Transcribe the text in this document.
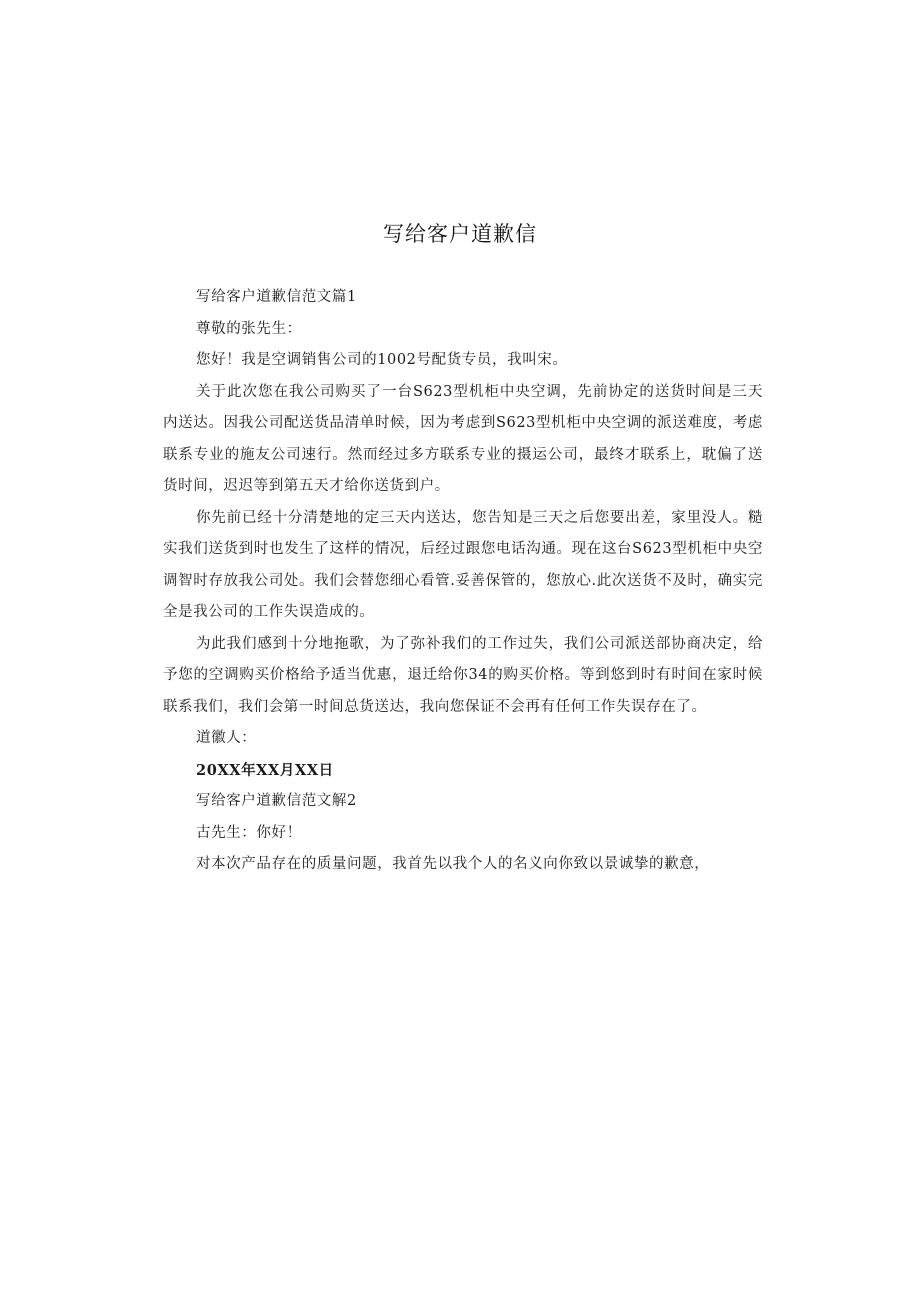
写给客户道歉信

写给客户道歉信范文篇1

尊敬的张先生：

您好！我是空调销售公司的1002号配货专员，我叫宋。

关于此次您在我公司购买了一台S623型机柜中央空调，先前协定的送货时间是三天内送达。因我公司配送货品清单时候，因为考虑到S623型机柜中央空调的派送难度，考虑联系专业的施友公司速行。然而经过多方联系专业的摄运公司，最终才联系上，耽偏了送货时间，迟迟等到第五天才给你送货到户。

你先前已经十分清楚地的定三天内送达，您告知是三天之后您要出差，家里没人。糙实我们送货到时也发生了这样的情况，后经过跟您电话沟通。现在这台S623型机柜中央空调智时存放我公司处。我们会替您细心看管.妥善保管的，您放心.此次送货不及时，确实完全是我公司的工作失误造成的。

为此我们感到十分地拖歌，为了弥补我们的工作过失，我们公司派送部协商决定，给予您的空调购买价格给予适当优惠，退迁给你34的购买价格。等到悠到时有时间在家时候联系我们，我们会第一时间总货送达，我向您保证不会再有任何工作失误存在了。

道徽人：

20XX年XX月XX日

写给客户道歉信范文解2

古先生：你好！

对本次产品存在的质量问题，我首先以我个人的名义向你致以景诚挚的歉意，
